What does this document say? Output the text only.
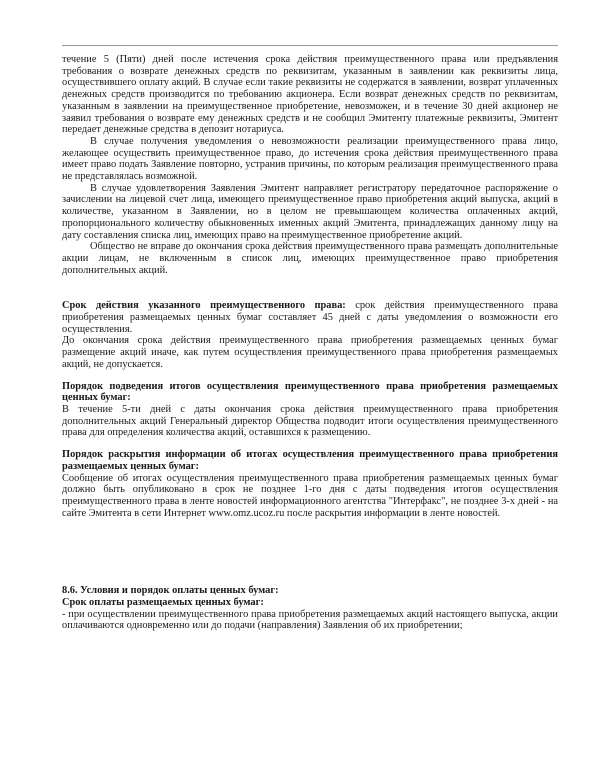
течение 5 (Пяти) дней после истечения срока действия преимущественного права или предъявления требования о возврате денежных средств по реквизитам, указанным в заявлении как реквизиты лица, осуществившего оплату акций. В случае если такие реквизиты не содержатся в заявлении, возврат уплаченных денежных средств производится по требованию акционера. Если возврат денежных средств по реквизитам, указанным в заявлении на преимущественное приобретение, невозможен, и в течение 30 дней акционер не заявил требования о возврате ему денежных средств и не сообщил Эмитенту платежные реквизиты, Эмитент передает денежные средства в депозит нотариуса.

В случае получения уведомления о невозможности реализации преимущественного права лицо, желающее осуществить преимущественное право, до истечения срока действия преимущественного права имеет право подать Заявление повторно, устранив причины, по которым реализация преимущественного права не представлялась возможной.

В случае удовлетворения Заявления Эмитент направляет регистратору передаточное распоряжение о зачислении на лицевой счет лица, имеющего преимущественное право приобретения акций выпуска, акций в количестве, указанном в Заявлении, но в целом не превышающем количества оплаченных акций, пропорционального количеству обыкновенных именных акций Эмитента, принадлежащих данному лицу на дату составления списка лиц, имеющих право на преимущественное приобретение акций.

Общество не вправе до окончания срока действия преимущественного права размещать дополнительные акции лицам, не включенным в список лиц, имеющих преимущественное право приобретения дополнительных акций.

Срок действия указанного преимущественного права: срок действия преимущественного права приобретения размещаемых ценных бумаг составляет 45 дней с даты уведомления о возможности его осуществления.

До окончания срока действия преимущественного права приобретения размещаемых ценных бумаг размещение акций иначе, как путем осуществления преимущественного права приобретения размещаемых акций, не допускается.

Порядок подведения итогов осуществления преимущественного права приобретения размещаемых ценных бумаг:

В течение 5-ти дней с даты окончания срока действия преимущественного права приобретения дополнительных акций Генеральный директор Общества подводит итоги осуществления преимущественного права для определения количества акций, оставшихся к размещению.

Порядок раскрытия информации об итогах осуществления преимущественного права приобретения размещаемых ценных бумаг:

Сообщение об итогах осуществления преимущественного права приобретения размещаемых ценных бумаг должно быть опубликовано в срок не позднее 1-го дня с даты подведения итогов осуществления преимущественного права в ленте новостей информационного агентства "Интерфакс", не позднее 3-х дней - на сайте Эмитента в сети Интернет www.omz.ucoz.ru после раскрытия информации в ленте новостей.

8.6. Условия и порядок оплаты ценных бумаг:

Срок оплаты размещаемых ценных бумаг:

- при осуществлении преимущественного права приобретения размещаемых акций настоящего выпуска, акции оплачиваются одновременно или до подачи (направления) Заявления об их приобретении;
